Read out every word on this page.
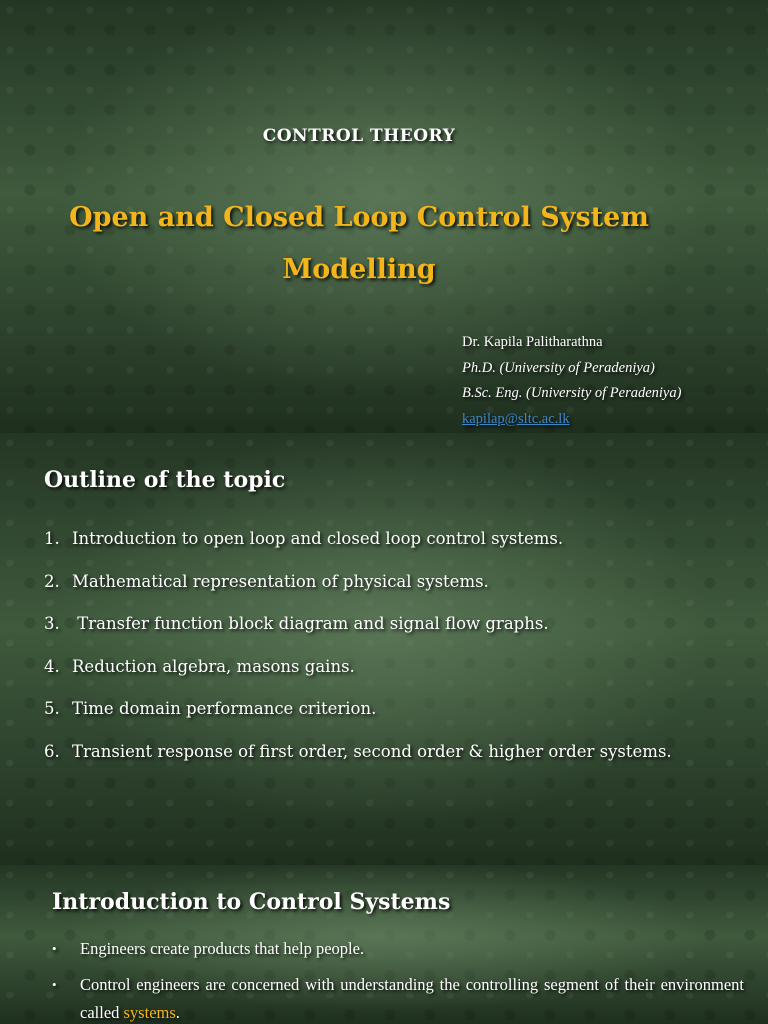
CONTROL THEORY
Open and Closed Loop Control System
Modelling
Dr. Kapila Palitharathna
Ph.D. (University of Peradeniya)
B.Sc. Eng. (University of Peradeniya)
kapilap@sltc.ac.lk
Outline of the topic
1. Introduction to open loop and closed loop control systems.
2. Mathematical representation of physical systems.
3. Transfer function block diagram and signal flow graphs.
4. Reduction algebra, masons gains.
5. Time domain performance criterion.
6. Transient response of first order, second order & higher order systems.
Introduction to Control Systems
•	Engineers create products that help people.
•	Control engineers are concerned with understanding the controlling segment of their environment called systems.
